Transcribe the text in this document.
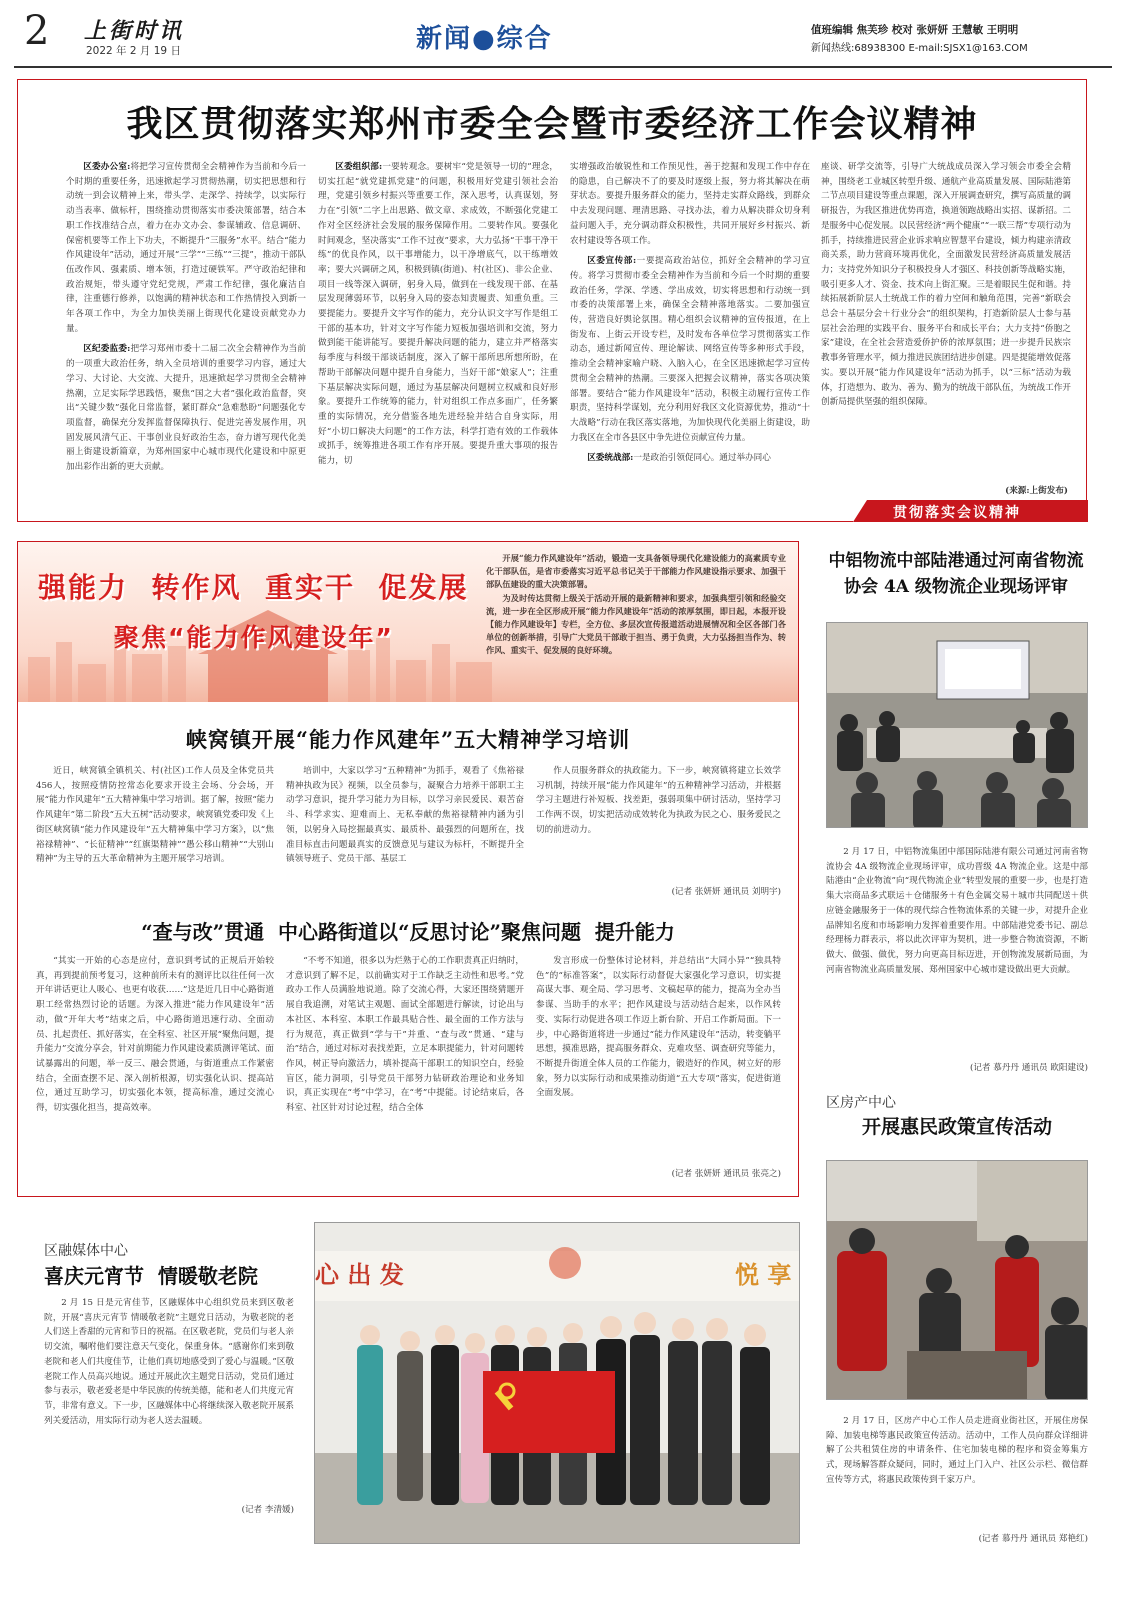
2 上街时讯
2022 年 2 月 19 日	新闻●综合	值班编辑 焦芙珍 校对 张妍妍 王慧敏 王明明
新闻热线:68938300 E-mail:SJSX1@163.COM
我区贯彻落实郑州市委全会暨市委经济工作会议精神

区委办公室:将把学习宣传贯彻全会精神作为当前和今后一个时期的重要任务，迅速掀起学习贯彻热潮，切实把思想和行动统一到会议精神上来，带头学、走深学、持续学，以实际行动当表率、做标杆，围绕推动贯彻落实市委决策部署，结合本职工作找准结合点，着力在办文办会、参谋辅政、信息调研、保密机要等工作上下功夫，不断提升“三服务”水平。结合“能力作风建设年”活动，通过开展“三学”“三练”“三提”，推动干部队伍改作风、强素质、增本领，打造过硬铁军。严守政治纪律和政治规矩，带头遵守党纪党规，严肃工作纪律，强化廉洁自律，注重德行修养，以饱满的精神状态和工作热情投入到新一年各项工作中，为全力加快美丽上街现代化建设贡献党办力量。

区纪委监委:把学习郑州市委十二届二次全会精神作为当前的一项重大政治任务，纳入全员培训的重要学习内容，通过大学习、大讨论、大交流、大提升，迅速掀起学习贯彻全会精神热潮，立足实际学思践悟，聚焦“国之大者”强化政治监督，突出“关键少数”强化日常监督，紧盯群众“急难愁盼”问题强化专项监督，确保充分发挥监督保障执行、促进完善发展作用，巩固发展风清气正、干事创业良好政治生态，奋力谱写现代化美丽上街建设新篇章，为郑州国家中心城市现代化建设和中原更加出彩作出新的更大贡献。

区委组织部:一要转观念。要树牢“党是领导一切的”理念，切实扛起“就党建抓党建”的问题，积极用好党建引领社会治理，党建引领乡村振兴等重要工作，深入思考，认真谋划，努力在“引领”二字上出思路、做文章、求成效，不断强化党建工作对全区经济社会发展的服务保障作用。二要转作风。要强化时间观念，坚决落实“工作不过夜”要求，大力弘扬“干事干净干练”的优良作风，以干事增能力，以干净增底气，以干练增效率；要大兴调研之风，积极到镇(街道)、村(社区)、非公企业、项目一线等深入调研，躬身入局，做到在一线发现干部、在基层发现薄弱环节，以躬身入局的姿态知责履责、知重负重。三要提能力。要提升文字写作的能力，充分认识文字写作是组工干部的基本功，针对文字写作能力短板加强培训和交流，努力做到能干能讲能写。要提升解决问题的能力，建立并严格落实每季度与科级干部谈话制度，深入了解干部所思所想所盼，在帮助干部解决问题中提升自身能力，当好干部“娘家人”；注重下基层解决实际问题，通过为基层解决问题树立权威和良好形象。要提升工作统筹的能力，针对组织工作点多面广，任务繁重的实际情况，充分借鉴各地先进经验并结合自身实际，用好“小切口解决大问题”的工作方法，科学打造有效的工作载体或抓手，统筹推进各项工作有序开展。要提升重大事项的报告能力，切

实增强政治敏锐性和工作预见性，善于挖掘和发现工作中存在的隐患，自己解决不了的要及时逐级上报，努力将其解决在萌芽状态。要提升服务群众的能力，坚持走实群众路线，到群众中去发现问题、理清思路、寻找办法，着力从解决群众切身利益问题入手，充分调动群众积极性，共同开展好乡村振兴、新农村建设等各项工作。

区委宣传部:一要提高政治站位，抓好全会精神的学习宣传。将学习贯彻市委全会精神作为当前和今后一个时期的重要政治任务，学深、学透、学出成效，切实将思想和行动统一到市委的决策部署上来，确保全会精神落地落实。二要加强宣传，营造良好舆论氛围。精心组织会议精神的宣传报道，在上街发布、上街云开设专栏，及时发布各单位学习贯彻落实工作动态，通过新闻宣传、理论解读、网络宣传等多种形式手段，推动全会精神家喻户晓、入脑入心，在全区迅速掀起学习宣传贯彻全会精神的热潮。三要深入把握会议精神，落实各项决策部署。要结合“能力作风建设年”活动，积极主动履行宣传工作职责，坚持科学谋划，充分利用好我区文化资源优势，推动“十大战略”行动在我区落实落地，为加快现代化美丽上街建设，助力我区在全市各县区中争先进位贡献宣传力量。

区委统战部:一是政治引领促同心。通过举办同心

座谈、研学交流等，引导广大统战成员深入学习领会市委全会精神，围绕老工业城区转型升级、通航产业高质量发展、国际陆港第二节点项目建设等重点课题，深入开展调查研究，撰写高质量的调研报告，为我区推进优势再造，换道领跑战略出实招、谋新招。二是服务中心促发展。以民营经济“两个健康”“一联三帮”专项行动为抓手，持续推进民营企业诉求响应智慧平台建设，倾力构建亲清政商关系，助力营商环境再优化，全面激发民营经济高质量发展活力；支持党外知识分子积极投身人才强区、科技创新等战略实施，吸引更多人才、资金、技术向上街汇聚。三是着眼民生促和谐。持续拓展新阶层人士统战工作的着力空间和触角范围，完善“新联会总会＋基层分会＋行业分会”的组织架构，打造新阶层人士参与基层社会治理的实践平台、服务平台和成长平台；大力支持“侨胞之家”建设，在全社会营造爱侨护侨的浓厚氛围；进一步提升民族宗教事务管理水平，倾力推进民族团结进步创建。四是提能增效促落实。要以开展“能力作风建设年”活动为抓手，以“三标”活动为载体，打造想为、敢为、善为、勤为的统战干部队伍，为统战工作开创新局提供坚强的组织保障。

(来源:上街发布)
贯彻落实会议精神
强能力  转作风  重实干  促发展
聚焦“能力作风建设年”

开展“能力作风建设年”活动，锻造一支具备领导现代化建设能力的高素质专业化干部队伍，是省市委落实习近平总书记关于干部能力作风建设指示要求、加强干部队伍建设的重大决策部署。

为及时传达贯彻上级关于活动开展的最新精神和要求，加强典型引领和经验交流，进一步在全区形成开展“能力作风建设年”活动的浓厚氛围，即日起，本报开设【能力作风建设年】专栏，全方位、多层次宣传报道活动进展情况和全区各部门各单位的创新举措，引导广大党员干部敢于担当、勇于负责，大力弘扬担当作为、转作风、重实干、促发展的良好环境。

峡窝镇开展“能力作风建年”五大精神学习培训

近日，峡窝镇全镇机关、村(社区)工作人员及全体党员共456人，按照疫情防控常态化要求开设主会场、分会场，开展“能力作风建年”五大精神集中学习培训。据了解，按照“能力作风建年”第二阶段“五大五树”活动要求，峡窝镇党委印发《上街区峡窝镇“能力作风建设年”五大精神集中学习方案》，以“焦裕禄精神”、“长征精神”“红旗渠精神”“愚公移山精神”“大别山精神”为主导的五大革命精神为主题开展学习培训。

培训中，大家以学习“五种精神”为抓手，观看了《焦裕禄精神执政为民》视频，以全员参与，凝聚合力培养干部职工主动学习意识，提升学习能力为目标，以学习亲民爱民、艰苦奋斗、科学求实、迎难而上、无私奉献的焦裕禄精神内涵为引领，以躬身入局挖掘最真实、最质朴、最强烈的问题所在，找准目标直击问题最真实的反馈意见与建议为标杆，不断提升全镇领导班子、党员干部、基层工

作人员服务群众的执政能力。下一步，峡窝镇将建立长效学习机制，持续开展“能力作风建年”的五种精神学习活动，并根据学习主题进行补短板、找差距，强弱项集中研讨活动，坚持学习工作两不误，切实把活动成效转化为执政为民之心、服务爱民之切的前进动力。

(记者 张妍妍 通讯员 刘明宇)
“查与改”贯通  中心路街道以“反思讨论”聚焦问题  提升能力

“其实一开始的心态是应付，意识到考试的正规后开始较真，再到提前预考复习，这种前所未有的测评比以往任何一次开年讲话更让人吸心、也更有收获……”这是近几日中心路街道职工经常热烈讨论的话题。为深入推进“能力作风建设年”活动，做“开年大考”结束之后，中心路街道迅速行动、全面动员、扎起责任、抓好落实，在全科室、社区开展“聚焦问题，提升能力”交流分享会，针对前期能力作风建设素质测评笔试、面试暴露出的问题，举一反三、融会贯通，与街道重点工作紧密结合，全面查摆不足、深入剖析根源，切实强化认识、提高站位，通过互助学习，切实强化本领，提高标准，通过交流心得，切实强化担当，提高效率。

“不考不知道，很多以为烂熟于心的工作职责真正归纳时，才意识到了解不足，以前确实对于工作缺乏主动性和思考。”党政办工作人员满脸地说道。除了交流心得，大家还围绕猜题开展自我追溯，对笔试主观题、面试全部题进行解读，讨论出与本社区、本科室、本职工作最具贴合性、最全面的工作方法与行为规范，真正做到“学与干”并重、“查与改”贯通、“建与治”结合，通过对标对表找差距，立足本职提能力，针对问题转作风，树正导向激活力，填补提高干部职工的知识空白，经验盲区，能力洞项，引导党员干部努力钻研政治理论和业务知识，真正实现在“考”中学习，在“考”中提能。讨论结束后，各科室、社区针对讨论过程，结合全体

发言形成一份整体讨论材料，并总结出“大同小异”“独具特色”的“标准答案”，以实际行动督促大家强化学习意识，切实提高谋大事、观全局、学习思考、文稿起草的能力，提高为全办当参谋、当助手的水平；把作风建设与活动结合起来，以作风转变、实际行动促进各项工作迈上新台阶、开启工作新局面。下一步，中心路街道将进一步通过“能力作风建设年”活动，转变躺平思想，摸准思路，提高服务群众、克难攻坚、调查研究等能力，不断提升街道全体人员的工作能力，锻造好的作风，树立好的形象，努力以实际行动和成果推动街道“五大专项”落实，促进街道全面发展。

(记者 张妍妍 通讯员 张亮之)
中铝物流中部陆港通过河南省物流协会 4A 级物流企业现场评审

2 月 17 日，中铝物流集团中部国际陆港有限公司通过河南省物流协会 4A 级物流企业现场评审，成功晋级 4A 物流企业。这是中部陆港由“企业物流”向“现代物流企业”转型发展的重要一步，也是打造集大宗商品多式联运＋仓储服务＋有色金属交易＋城市共同配送＋供应链金融服务于一体的现代综合性物流体系的关键一步，对提升企业品牌知名度和市场影响力发挥着重要作用。中部陆港党委书记、副总经理杨力群表示，将以此次评审为契机，进一步整合物流资源，不断做大、做强、做优，努力向更高目标迈进，开创物流发展新局面，为河南省物流业高质量发展、郑州国家中心城市建设做出更大贡献。

(记者 慕丹丹 通讯员 欧阳建设)
区房产中心
开展惠民政策宣传活动

2 月 17 日，区房产中心工作人员走进商业街社区，开展住房保障、加装电梯等惠民政策宣传活动。活动中，工作人员向群众详细讲解了公共租赁住房的申请条件、住宅加装电梯的程序和资金筹集方式，现场解答群众疑问，同时，通过上门入户、社区公示栏、微信群宣传等方式，将惠民政策传到千家万户。

(记者 慕丹丹 通讯员 郑艳红)
区融媒体中心
喜庆元宵节  情暖敬老院

2 月 15 日是元宵佳节，区融媒体中心组织党员来到区敬老院，开展“喜庆元宵节 情暖敬老院”主题党日活动，为敬老院的老人们送上香甜的元宵和节日的祝福。在区敬老院，党员们与老人亲切交流，嘱咐他们要注意天气变化，保重身体。“感谢你们来到敬老院和老人们共度佳节，让他们真切地感受到了爱心与温暖。”区敬老院工作人员高兴地说。通过开展此次主题党日活动，党员们通过参与表示，敬老爱老是中华民族的传统美德，能和老人们共度元宵节，非常有意义。下一步，区融媒体中心将继续深入敬老院开展系列关爱活动，用实际行动为老人送去温暖。

(记者 李清媛)
心 出 发	悦 享
